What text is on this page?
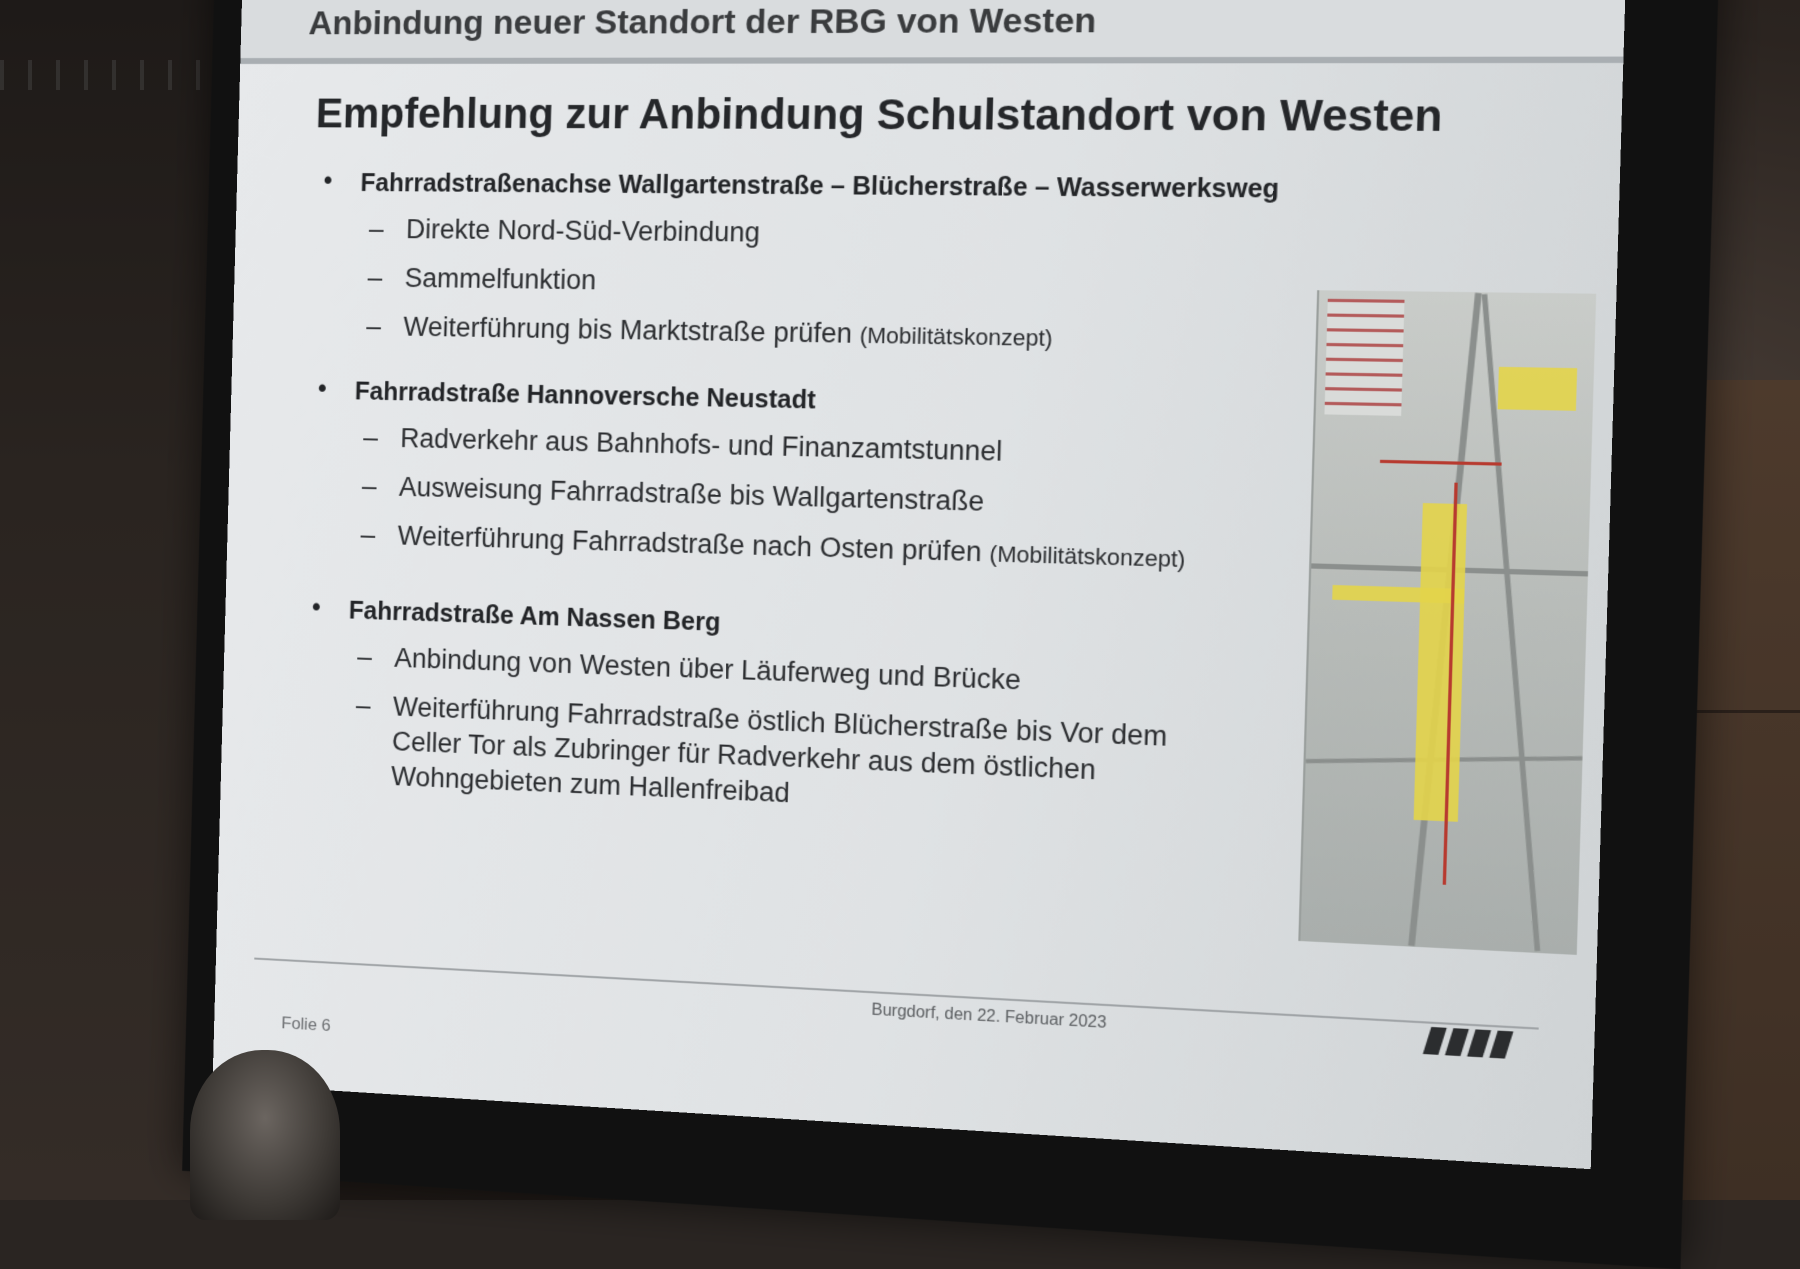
Anbindung neuer Standort der RBG von Westen
Empfehlung zur Anbindung Schulstandort von Westen
• Fahrradstraßenachse Wallgartenstraße – Blücherstraße – Wasserwerksweg
– Direkte Nord-Süd-Verbindung
– Sammelfunktion
– Weiterführung bis Marktstraße prüfen (Mobilitätskonzept)
• Fahrradstraße Hannoversche Neustadt
– Radverkehr aus Bahnhofs- und Finanzamtstunnel
– Ausweisung Fahrradstraße bis Wallgartenstraße
– Weiterführung Fahrradstraße nach Osten prüfen (Mobilitätskonzept)
• Fahrradstraße Am Nassen Berg
– Anbindung von Westen über Läuferweg und Brücke
– Weiterführung Fahrradstraße östlich Blücherstraße bis Vor dem Celler Tor als Zubringer für Radverkehr aus dem östlichen Wohngebieten zum Hallenfreibad
Burgdorf, den 22. Februar 2023
Folie 6
